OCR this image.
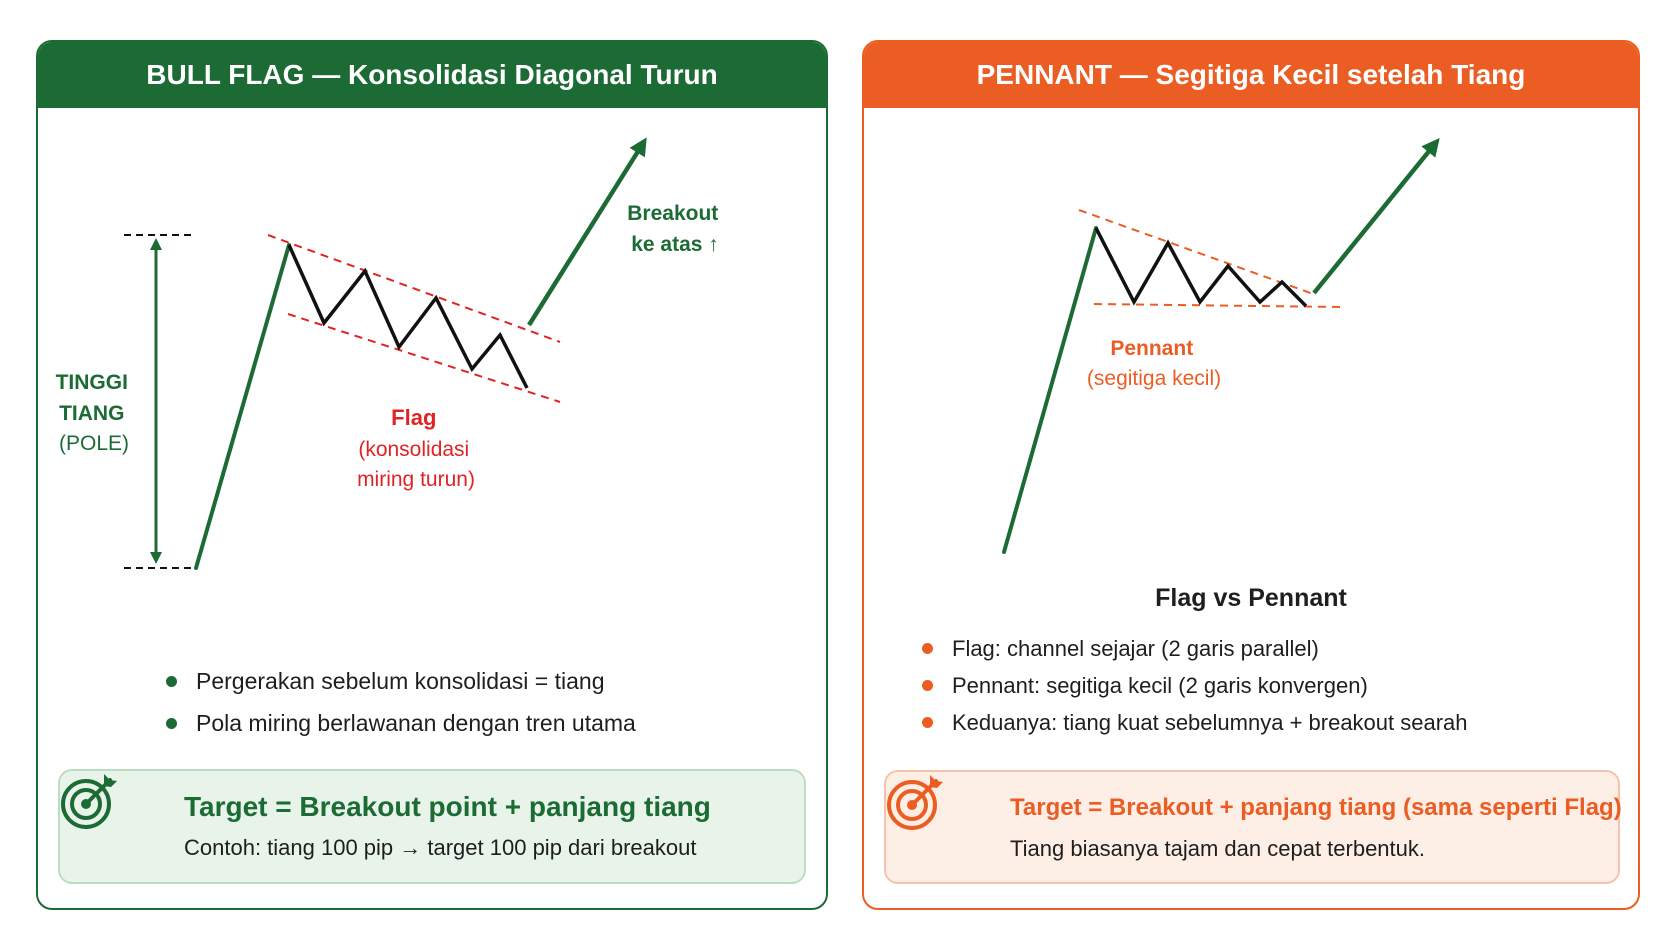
BULL FLAG — Konsolidasi Diagonal Turun
TINGGI TIANG (POLE)
Breakout ke atas ↑
Flag (konsolidasi miring turun)
Pergerakan sebelum konsolidasi = tiang
Pola miring berlawanan dengan tren utama
Target = Breakout point + panjang tiang
Contoh: tiang 100 pip → target 100 pip dari breakout
PENNANT — Segitiga Kecil setelah Tiang
Pennant (segitiga kecil)
Flag vs Pennant
Flag: channel sejajar (2 garis parallel)
Pennant: segitiga kecil (2 garis konvergen)
Keduanya: tiang kuat sebelumnya + breakout searah
Target = Breakout + panjang tiang (sama seperti Flag)
Tiang biasanya tajam dan cepat terbentuk.
